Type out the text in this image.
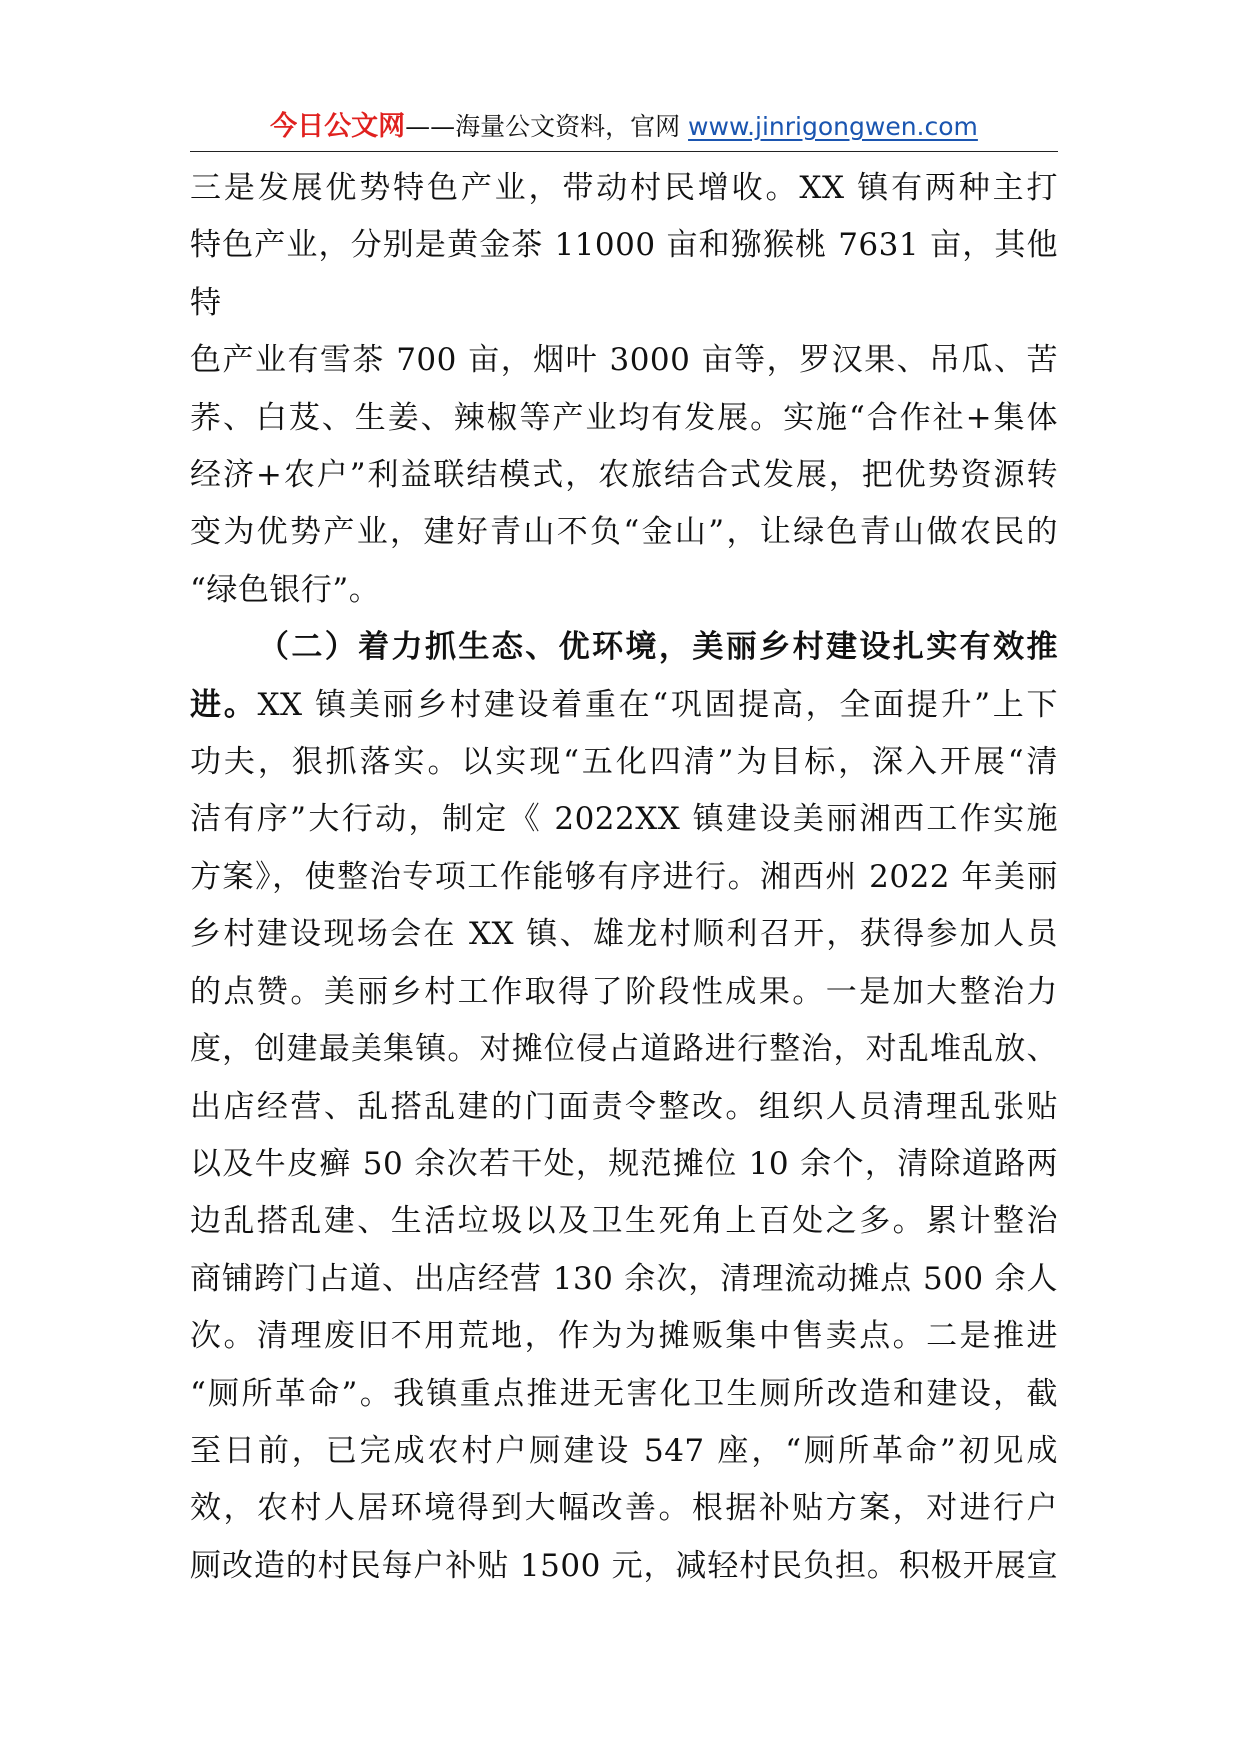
今日公文网——海量公文资料，官网 www.jinrigongwen.com

三是发展优势特色产业，带动村民增收。XX 镇有两种主打

特色产业，分别是黄金茶 11000 亩和猕猴桃 7631 亩，其他特

色产业有雪茶 700 亩，烟叶 3000 亩等，罗汉果、吊瓜、苦

荞、白芨、生姜、辣椒等产业均有发展。实施“合作社+集体

经济+农户”利益联结模式，农旅结合式发展，把优势资源转

变为优势产业，建好青山不负“金山”，让绿色青山做农民的

“绿色银行”。

（二）着力抓生态、优环境，美丽乡村建设扎实有效推

进。XX 镇美丽乡村建设着重在“巩固提高，全面提升”上下

功夫，狠抓落实。以实现“五化四清”为目标，深入开展“清

洁有序”大行动，制定《 2022XX 镇建设美丽湘西工作实施

方案》，使整治专项工作能够有序进行。湘西州 2022 年美丽

乡村建设现场会在 XX 镇、雄龙村顺利召开，获得参加人员

的点赞。美丽乡村工作取得了阶段性成果。一是加大整治力

度，创建最美集镇。对摊位侵占道路进行整治，对乱堆乱放、

出店经营、乱搭乱建的门面责令整改。组织人员清理乱张贴

以及牛皮癣 50 余次若干处，规范摊位 10 余个，清除道路两

边乱搭乱建、生活垃圾以及卫生死角上百处之多。累计整治

商铺跨门占道、出店经营 130 余次，清理流动摊点 500 余人

次。清理废旧不用荒地，作为为摊贩集中售卖点。二是推进

“厕所革命”。我镇重点推进无害化卫生厕所改造和建设，截

至日前，已完成农村户厕建设 547 座，“厕所革命”初见成

效，农村人居环境得到大幅改善。根据补贴方案，对进行户

厕改造的村民每户补贴 1500 元，减轻村民负担。积极开展宣
